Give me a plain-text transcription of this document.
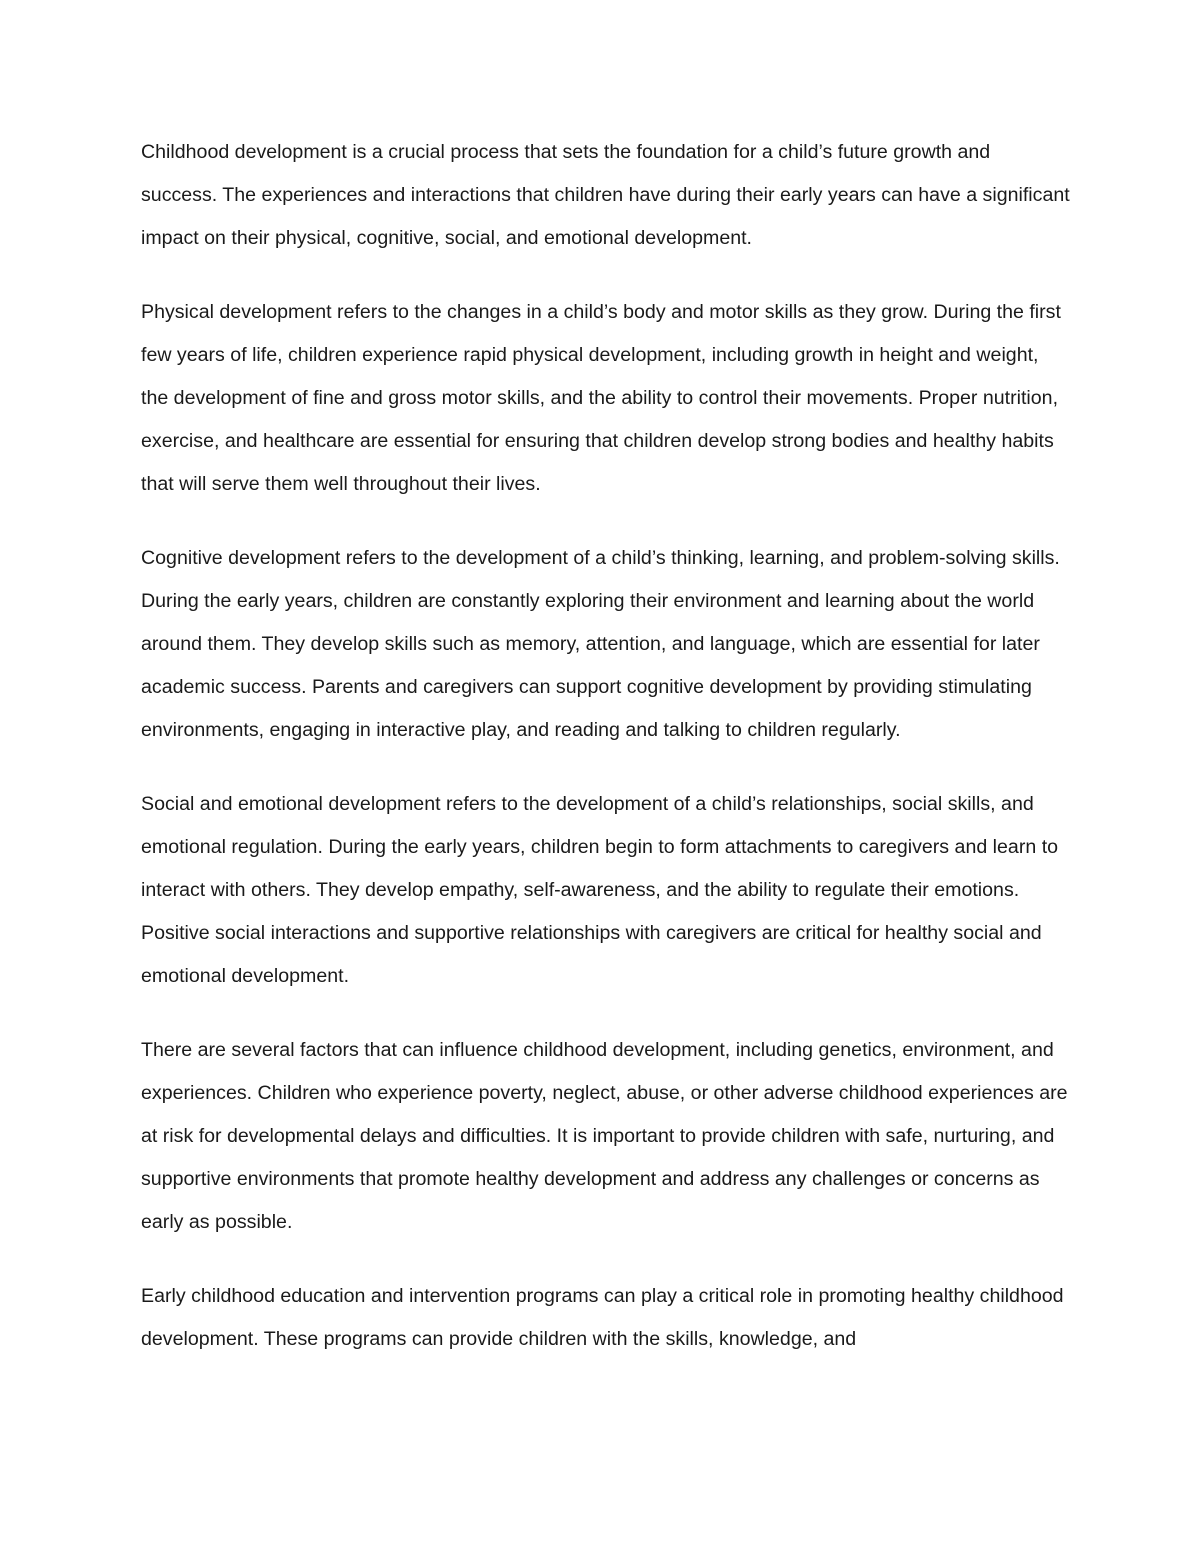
Childhood development is a crucial process that sets the foundation for a child’s future growth and success. The experiences and interactions that children have during their early years can have a significant impact on their physical, cognitive, social, and emotional development.

Physical development refers to the changes in a child’s body and motor skills as they grow. During the first few years of life, children experience rapid physical development, including growth in height and weight, the development of fine and gross motor skills, and the ability to control their movements. Proper nutrition, exercise, and healthcare are essential for ensuring that children develop strong bodies and healthy habits that will serve them well throughout their lives.

Cognitive development refers to the development of a child’s thinking, learning, and problem-solving skills. During the early years, children are constantly exploring their environment and learning about the world around them. They develop skills such as memory, attention, and language, which are essential for later academic success. Parents and caregivers can support cognitive development by providing stimulating environments, engaging in interactive play, and reading and talking to children regularly.

Social and emotional development refers to the development of a child’s relationships, social skills, and emotional regulation. During the early years, children begin to form attachments to caregivers and learn to interact with others. They develop empathy, self-awareness, and the ability to regulate their emotions. Positive social interactions and supportive relationships with caregivers are critical for healthy social and emotional development.

There are several factors that can influence childhood development, including genetics, environment, and experiences. Children who experience poverty, neglect, abuse, or other adverse childhood experiences are at risk for developmental delays and difficulties. It is important to provide children with safe, nurturing, and supportive environments that promote healthy development and address any challenges or concerns as early as possible.

Early childhood education and intervention programs can play a critical role in promoting healthy childhood development. These programs can provide children with the skills, knowledge, and
